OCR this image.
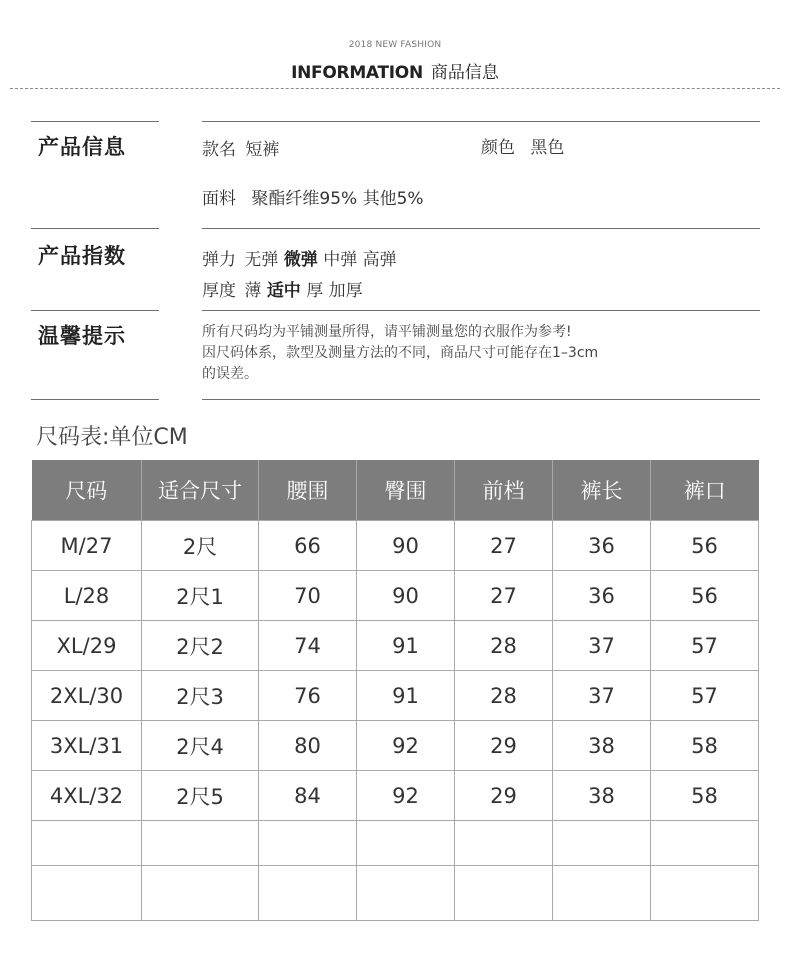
2018 NEW FASHION
INFORMATION 商品信息
产品信息	款名 短裤	颜色 黑色
面料 聚酯纤维95% 其他5%
产品指数	弹力 无弹 微弹 中弹 高弹
厚度 薄 适中 厚 加厚
温馨提示	所有尺码均为平铺测量所得，请平铺测量您的衣服作为参考!
因尺码体系，款型及测量方法的不同，商品尺寸可能存在1–3cm
的误差。
尺码表:单位CM
尺码	适合尺寸	腰围	臀围	前档	裤长	裤口
M/27	2尺	66	90	27	36	56
L/28	2尺1	70	90	27	36	56
XL/29	2尺2	74	91	28	37	57
2XL/30	2尺3	76	91	28	37	57
3XL/31	2尺4	80	92	29	38	58
4XL/32	2尺5	84	92	29	38	58
